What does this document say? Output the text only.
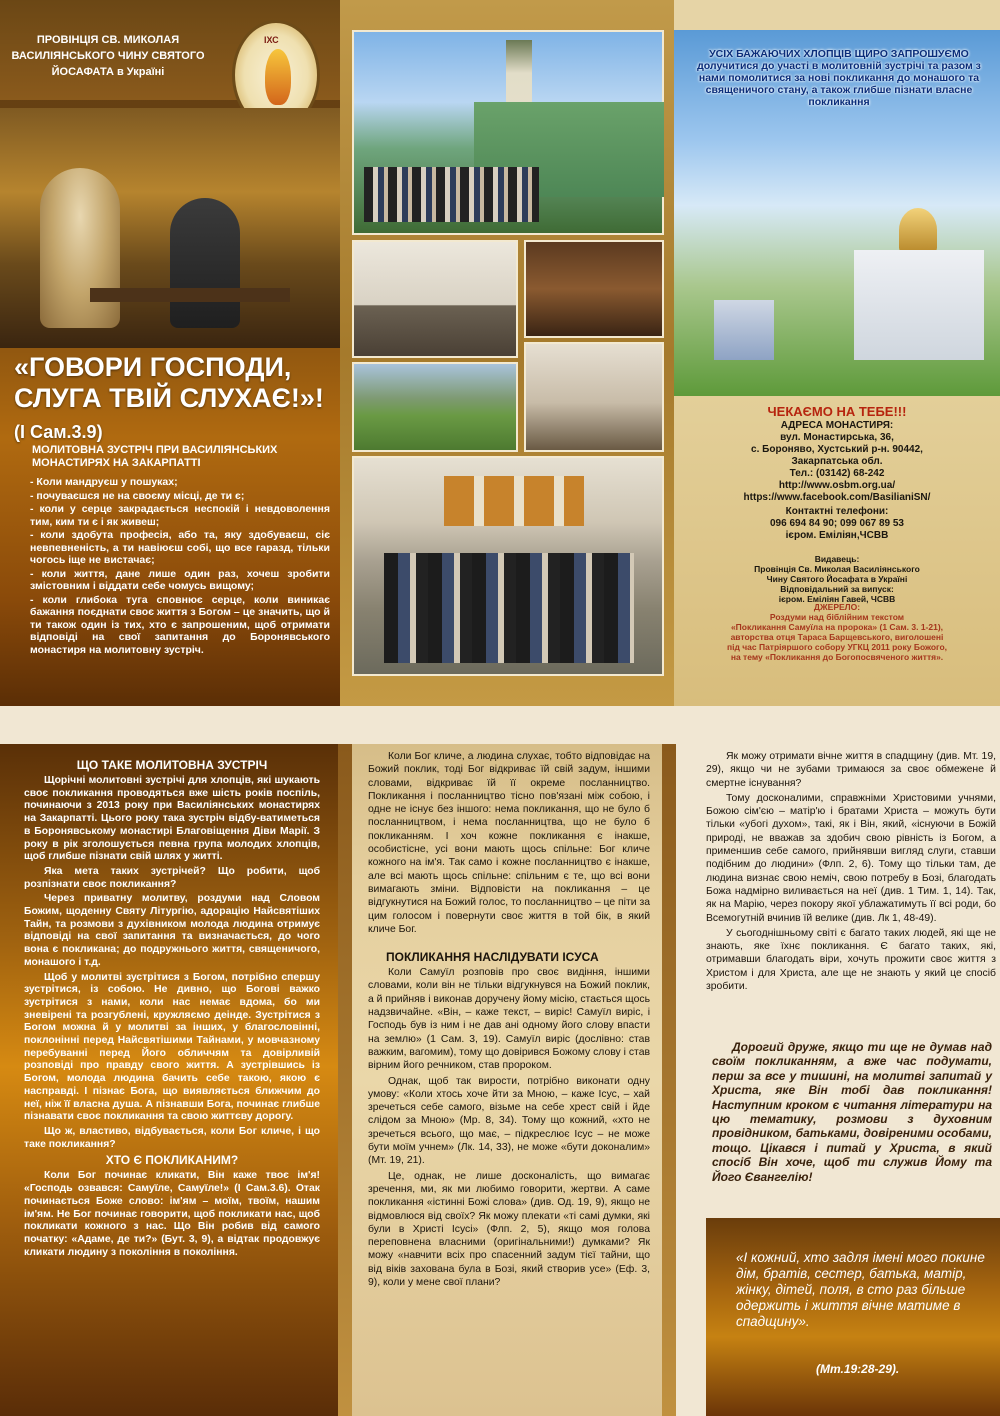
ПРОВІНЦІЯ СВ. МИКОЛАЯ ВАСИЛІЯНСЬКОГО ЧИНУ СВЯТОГО ЙОСАФАТА в Україні
ІХС
«ГОВОРИ ГОСПОДИ, СЛУГА ТВІЙ СЛУХАЄ!»! (І Сам.3.9)
МОЛИТОВНА ЗУСТРІЧ ПРИ ВАСИЛІЯНСЬКИХ МОНАСТИРЯХ НА ЗАКАРПАТТІ
- Коли мандруєш у пошуках;
- почуваєшся не на своєму місці, де ти є;
- коли у серце закрадається неспокій і невдоволення тим, ким ти є і як живеш;
- коли здобута професія, або та, яку здобуваєш, сіє невпевненість, а ти навіюєш собі, що все гаразд, тільки чогось іще не вистачає;
- коли життя, дане лише один раз, хочеш зробити змістовним і віддати себе чомусь вищому;
- коли глибока туга сповнює серце, коли виникає бажання поєднати своє життя з Богом – це значить, що й ти також один із тих, хто є запрошеним, щоб отримати відповіді на свої запитання до Боронявського монастиря на молитовну зустріч.
УСІХ БАЖАЮЧИХ ХЛОПЦІВ ЩИРО ЗАПРОШУЄМО долучитися до участі в молитовній зустрічі та разом з нами помолитися за нові покликання до монашого та священичого стану, а також глибше пізнати власне покликання
ЧЕКАЄМО НА ТЕБЕ!!!
АДРЕСА МОНАСТИРЯ:
вул. Монастирська, 36,
с. Боронявo, Хустський р-н. 90442,
Закарпатська обл.
Тел.: (03142) 68-242
http://www.osbm.org.ua/
https://www.facebook.com/BasilianiSN/
Контактні телефони:
096 694 84 90; 099 067 89 53
ієром. Еміліян,ЧСВВ
Видавець:
Провінція Св. Миколая Василіянського
Чину Святого Йосафата в Україні
Відповідальний за випуск:
ієром. Еміліян Гавей, ЧСВВ
ДЖЕРЕЛО:
Роздуми над біблійним текстом
«Покликання Самуїла на пророка» (1 Сам. 3. 1-21),
авторства отця Тараса Барщевського, виголошені
під час Патріяршого собору УГКЦ 2011 року Божого,
на тему «Покликання до Богопосвяченого життя».
ЩО ТАКЕ МОЛИТОВНА ЗУСТРІЧ

Щорічні молитовні зустрічі для хлопців, які шукають своє покликання проводяться вже шість років поспіль, починаючи з 2013 року при Василіянських монастирях на Закарпатті. Цього року така зустріч відбу-ватиметься в Боронявському монастирі Благовіщення Діви Марії. З року в рік зголошується певна група молодих хлопців, щоб глибше пізнати свій шлях у житті.

Яка мета таких зустрічей? Що робити, щоб розпізнати своє покликання?

Через приватну молитву, роздуми над Словом Божим, щоденну Святу Літургію, адорацію Найсвятіших Тайн, та розмови з духівником молода людина отримує відповіді на свої запитання та визначається, до чого вона є покликана; до подружнього життя, священичого, монашого і т.д.

Щоб у молитві зустрітися з Богом, потрібно спершу зустрітися, із собою. Не дивно, що Богові важко зустрітися з нами, коли нас немає вдома, бо ми зневірені та розгублені, кружляємо деінде. Зустрітися з Богом можна й у молитві за інших, у благословінні, поклонінні перед Найсвятішими Тайнами, у мовчазному перебуванні перед Його обличчям та довірливій розповіді про правду свого життя. А зустрівшись із Богом, молода людина бачить себе такою, якою є насправді. І пізнає Бога, що виявляється ближчим до неї, ніж її власна душа. А пізнавши Бога, починає глибше пізнавати своє покликання та свою життєву дорогу.

Що ж, властиво, відбувається, коли Бог кличе, і що таке покликання?

ХТО Є ПОКЛИКАНИМ?

Коли Бог починає кликати, Він каже твоє ім'я! «Господь озвався: Самуїле, Самуїле!» (І Сам.3.6). Отак починається Боже слово: ім'ям – моїм, твоїм, нашим ім'ям. Не Бог починає говорити, щоб покликати нас, щоб покликати кожного з нас. Що Він робив від самого початку: «Адаме, де ти?» (Бут. 3, 9), а відтак продовжує кликати людину з покоління в покоління.

Коли Бог кличе, а людина слухає, тобто відповідає на Божий поклик, тоді Бог відкриває їй свій задум, іншими словами, відкриває їй її окреме посланництво. Покликання і посланництво тісно пов'язані між собою, і одне не існує без іншого: нема покликання, що не було б посланництвом, і нема посланництва, що не було б покликанням. І хоч кожне покликання є інакше, особистісне, усі вони мають щось спільне: Бог кличе кожного на ім'я. Так само і кожне посланництво є інакше, але всі мають щось спільне: спільним є те, що всі вони вимагають зміни. Відповісти на покликання – це відгукнутися на Божий голос, то посланництво – це піти за цим голосом і повернути своє життя в той бік, в який кличе Бог.

ПОКЛИКАННЯ НАСЛІДУВАТИ ІСУСА

Коли Самуїл розповів про своє видіння, іншими словами, коли він не тільки відгукнувся на Божий поклик, а й прийняв і виконав доручену йому місію, стається щось надзвичайне. «Він, – каже текст, – виріс! Самуїл виріс, і Господь був із ним і не дав ані одному його слову впасти на землю» (1 Сам. 3, 19). Самуїл виріс (дослівно: став важким, вагомим), тому що довірився Божому слову і став вірним його речником, став пророком.

Однак, щоб так вирости, потрібно виконати одну умову: «Коли хтось хоче йти за Мною, – каже Ісус, – хай зречеться себе самого, візьме на себе хрест свій і йде слідом за Мною» (Мр. 8, 34). Тому що кожний, «хто не зречеться всього, що має, – підкреслює Ісус – не може бути моїм учнем» (Лк. 14, 33), не може «бути доконалим» (Мт. 19, 21).

Це, однак, не лише досконалість, що вимагає зречення, ми, як ми любимо говорити, жертви. А саме покликання «істинні Божі слова» (див. Од. 19, 9), якщо не відмовлюся від своїх? Як можу плекати «ті самі думки, які були в Христі Ісусі» (Флп. 2, 5), якщо моя голова переповнена власними (оригінальними!) думками? Як можу «навчити всіх про спасенний задум тієї тайни, що від віків захована була в Бозі, який створив усе» (Еф. 3, 9), коли у мене свої плани?

Як можу отримати вічне життя в спадщину (див. Мт. 19, 29), якщо чи не зубами тримаюся за своє обмежене й смертне існування?

Тому досконалими, справжніми Христовими учнями, Божою сім'єю – матір'ю і братами Христа – можуть бути тільки «убогі духом», такі, як і Він, який, «існуючи в Божій природі, не вважав за здобич свою рівність із Богом, а применшив себе самого, прийнявши вигляд слуги, ставши подібним до людини» (Флп. 2, 6). Тому що тільки там, де людина визнає свою неміч, свою потребу в Бозі, благодать Божа надмірно виливається на неї (див. 1 Тим. 1, 14). Так, як на Марію, через покору якої ублажатимуть її всі роди, бо Всемогутній вчинив їй велике (див. Лк 1, 48-49).

У сьогоднішньому світі є багато таких людей, які ще не знають, яке їхнє покликання. Є багато таких, які, отримавши благодать віри, хочуть прожити своє життя з Христом і для Христа, але ще не знають у який це спосіб зробити.

Дорогий друже, якщо ти ще не думав над своїм покликанням, а вже час подумати, перш за все у тишині, на молитві запитай у Христа, яке Він тобі дав покликання! Наступним кроком є читання літератури на цю тематику, розмови з духовним провідником, батьками, довіреними особами, тощо. Цікався і питай у Христа, в який спосіб Він хоче, щоб ти служив Йому та Його Євангелію!

«І кожний, хто задля імені мого покине дім, братів, сестер, батька, матір, жінку, дітей, поля, в сто раз більше одержить і життя вічне матиме в спадщину».
(Мт.19:28-29).
